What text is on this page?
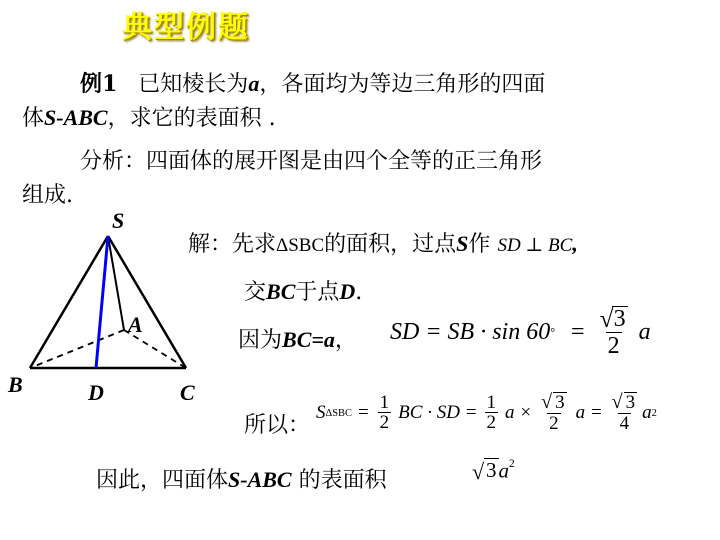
典型例题
例1 已知棱长为a，各面均为等边三角形的四面
体S-ABC，求它的表面积 .
分析：四面体的展开图是由四个全等的正三角形
组成.
S
A
B	D	C
解：先求ΔSBC的面积，过点S作 SD ⊥ BC,
交BC于点D.
因为BC=a， SD = SB · sin 60 ° = $\frac{√ 3}{2}$ a
所以：
S $\Delta SBC = \frac{1}{2}$ BC · SD = $\frac{1}{2}$ $a \times \frac{√ 3}{2}$ $a = \frac{√ 3}{4}$ a 2
因此，四面体S-ABC 的表面积	√ $3a^2$
